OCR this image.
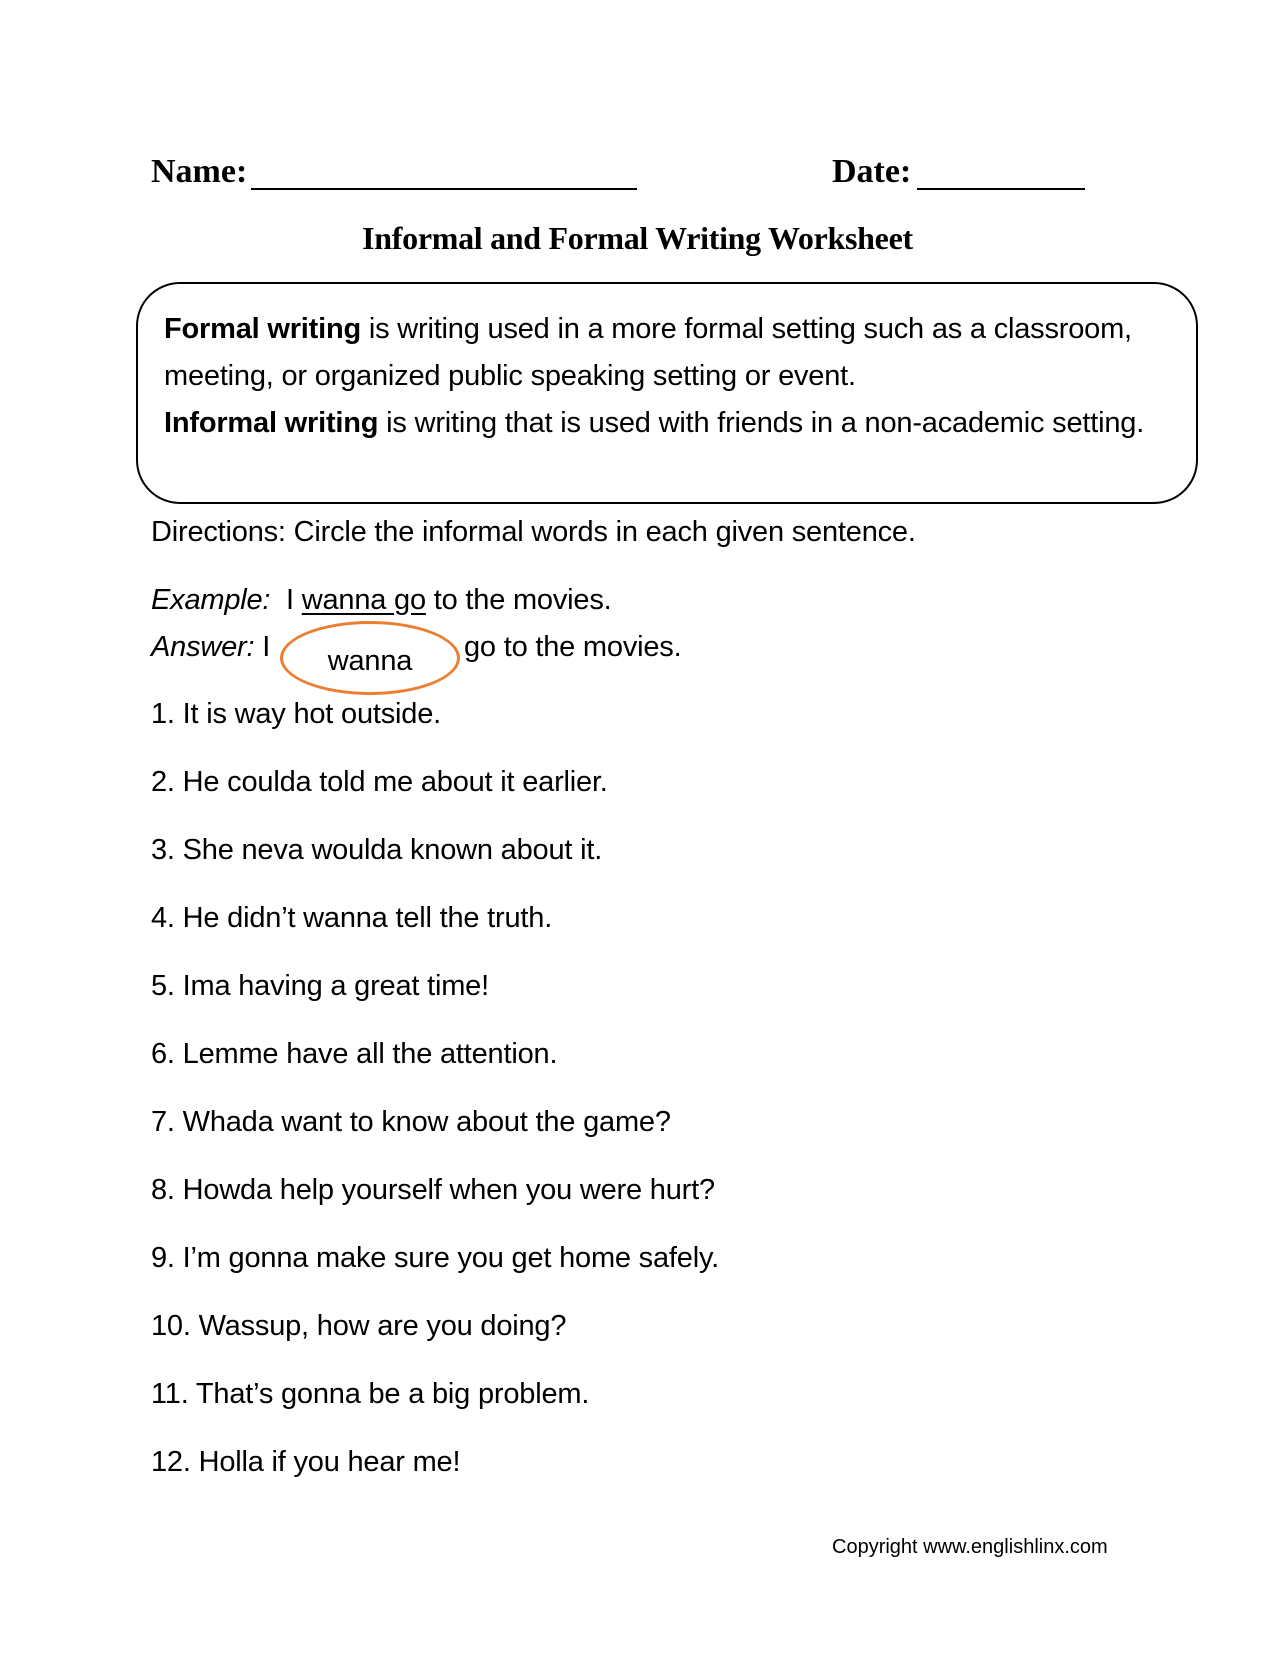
Name:	Date:
Informal and Formal Writing Worksheet
Formal writing is writing used in a more formal setting such as a classroom, meeting, or organized public speaking setting or event.
Informal writing is writing that is used with friends in a non-academic setting.
Directions: Circle the informal words in each given sentence.
Example:  I wanna go to the movies.
Answer: I	wanna	go to the movies.
1. It is way hot outside.
2. He coulda told me about it earlier.
3. She neva woulda known about it.
4. He didn’t wanna tell the truth.
5. Ima having a great time!
6. Lemme have all the attention.
7. Whada want to know about the game?
8. Howda help yourself when you were hurt?
9. I’m gonna make sure you get home safely.
10. Wassup, how are you doing?
11. That’s gonna be a big problem.
12. Holla if you hear me!
Copyright www.englishlinx.com
